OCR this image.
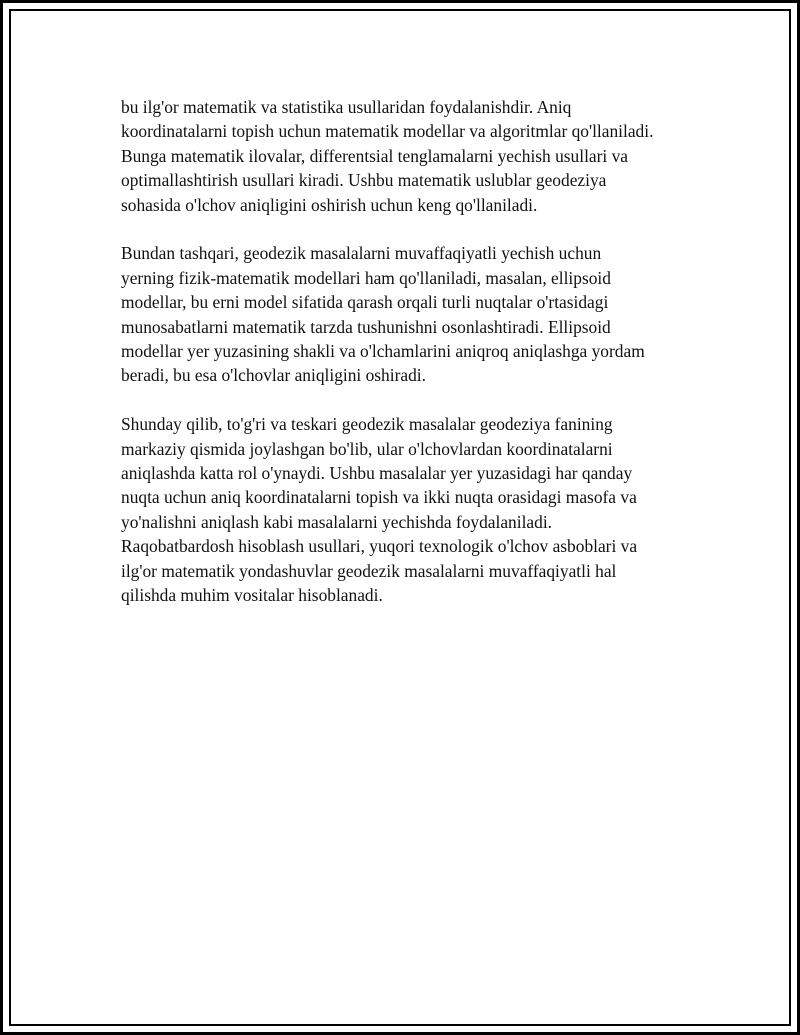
bu ilg'or matematik va statistika usullaridan foydalanishdir. Aniq
koordinatalarni topish uchun matematik modellar va algoritmlar qo'llaniladi.
Bunga matematik ilovalar, differentsial tenglamalarni yechish usullari va
optimallashtirish usullari kiradi. Ushbu matematik uslublar geodeziya
sohasida o'lchov aniqligini oshirish uchun keng qo'llaniladi.

Bundan tashqari, geodezik masalalarni muvaffaqiyatli yechish uchun
yerning fizik-matematik modellari ham qo'llaniladi, masalan, ellipsoid
modellar, bu erni model sifatida qarash orqali turli nuqtalar o'rtasidagi
munosabatlarni matematik tarzda tushunishni osonlashtiradi. Ellipsoid
modellar yer yuzasining shakli va o'lchamlarini aniqroq aniqlashga yordam
beradi, bu esa o'lchovlar aniqligini oshiradi.

Shunday qilib, to'g'ri va teskari geodezik masalalar geodeziya fanining
markaziy qismida joylashgan bo'lib, ular o'lchovlardan koordinatalarni
aniqlashda katta rol o'ynaydi. Ushbu masalalar yer yuzasidagi har qanday
nuqta uchun aniq koordinatalarni topish va ikki nuqta orasidagi masofa va
yo'nalishni aniqlash kabi masalalarni yechishda foydalaniladi.
Raqobatbardosh hisoblash usullari, yuqori texnologik o'lchov asboblari va
ilg'or matematik yondashuvlar geodezik masalalarni muvaffaqiyatli hal
qilishda muhim vositalar hisoblanadi.
